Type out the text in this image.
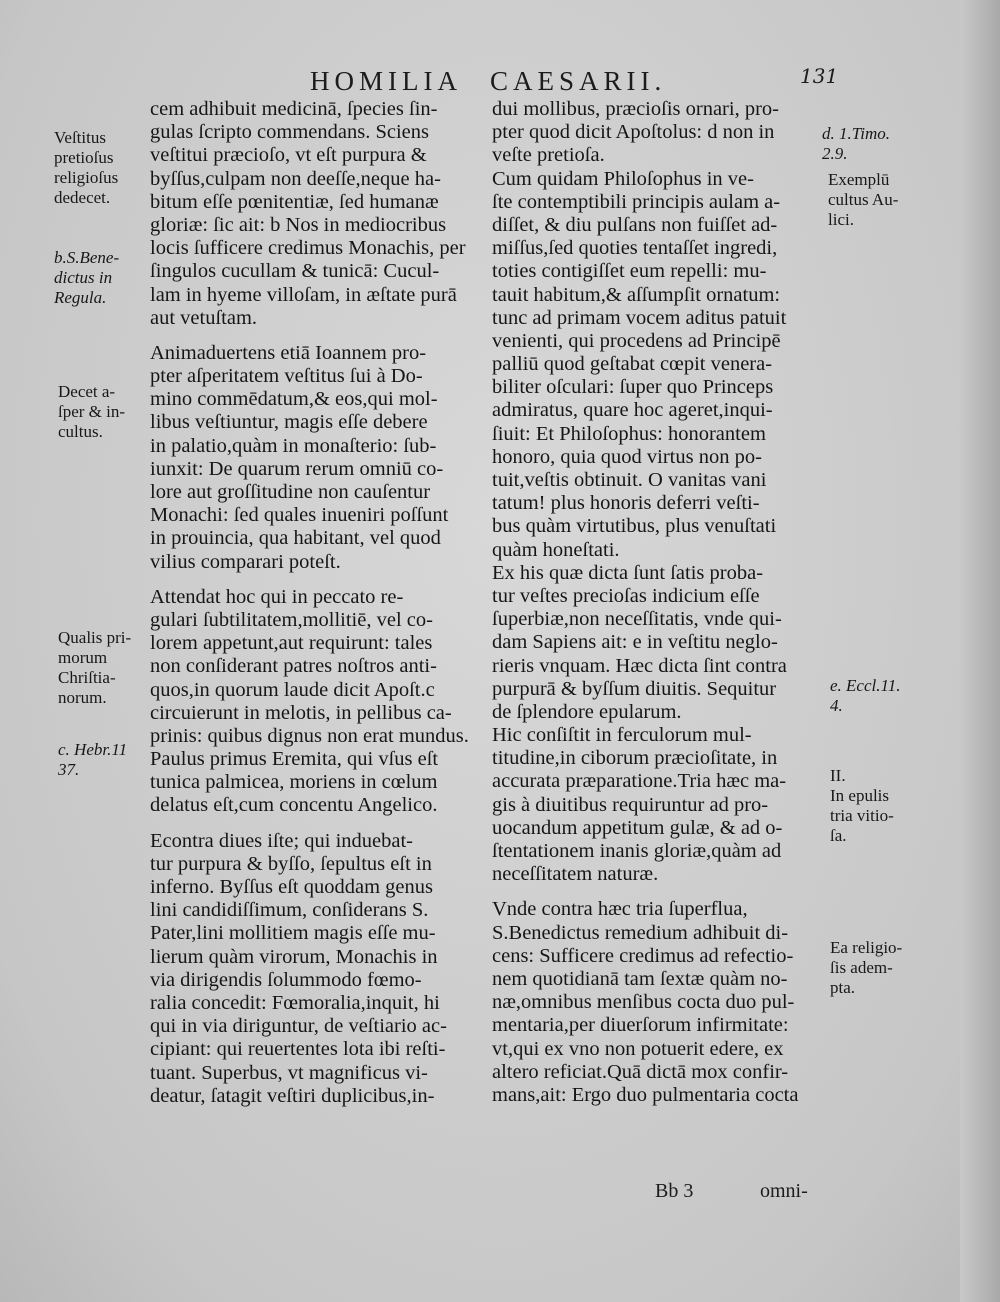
HOMILIA CAESARII.	131
cem adhibuit medicinā, ſpecies ſin-
gulas ſcripto commendans. Sciens
veſtitui præcioſo, vt eſt purpura &
byſſus,culpam non deeſſe,neque ha-
bitum eſſe pœnitentiæ, ſed humanæ
gloriæ: ſic ait: b Nos in mediocribus
locis ſufficere credimus Monachis, per
ſingulos cucullam & tunicā: Cucul-
lam in hyeme villoſam, in æſtate purā
aut vetuſtam.
Animaduertens etiā Ioannem pro-
pter aſperitatem veſtitus ſui à Do-
mino commēdatum,& eos,qui mol-
libus veſtiuntur, magis eſſe debere
in palatio,quàm in monaſterio: ſub-
iunxit: De quarum rerum omniū co-
lore aut groſſitudine non cauſentur
Monachi: ſed quales inueniri poſſunt
in prouincia, qua habitant, vel quod
vilius comparari poteſt.
Attendat hoc qui in peccato re-
gulari ſubtilitatem,mollitiē, vel co-
lorem appetunt,aut requirunt: tales
non conſiderant patres noſtros anti-
quos,in quorum laude dicit Apoſt.c
circuierunt in melotis, in pellibus ca-
prinis: quibus dignus non erat mundus.
Paulus primus Eremita, qui vſus eſt
tunica palmicea, moriens in cœlum
delatus eſt,cum concentu Angelico.
Econtra diues iſte; qui induebat-
tur purpura & byſſo, ſepultus eſt in
inferno. Byſſus eſt quoddam genus
lini candidiſſimum, conſiderans S.
Pater,lini mollitiem magis eſſe mu-
lierum quàm virorum, Monachis in
via dirigendis ſolummodo fœmo-
ralia concedit: Fœmoralia,inquit, hi
qui in via diriguntur, de veſtiario ac-
cipiant: qui reuertentes lota ibi reſti-
tuant. Superbus, vt magnificus vi-
deatur, ſatagit veſtiri duplicibus,in-
dui mollibus, præcioſis ornari, pro-
pter quod dicit Apoſtolus: d non in
veſte pretioſa.
Cum quidam Philoſophus in ve-
ſte contemptibili principis aulam a-
diſſet, & diu pulſans non fuiſſet ad-
miſſus,ſed quoties tentaſſet ingredi,
toties contigiſſet eum repelli: mu-
tauit habitum,& aſſumpſit ornatum:
tunc ad primam vocem aditus patuit
venienti, qui procedens ad Principē
palliū quod geſtabat cœpit venera-
biliter oſculari: ſuper quo Princeps
admiratus, quare hoc ageret,inqui-
ſiuit: Et Philoſophus: honorantem
honoro, quia quod virtus non po-
tuit,veſtis obtinuit. O vanitas vani
tatum! plus honoris deferri veſti-
bus quàm virtutibus, plus venuſtati
quàm honeſtati.
Ex his quæ dicta ſunt ſatis proba-
tur veſtes precioſas indicium eſſe
ſuperbiæ,non neceſſitatis, vnde qui-
dam Sapiens ait: e in veſtitu neglo-
rieris vnquam. Hæc dicta ſint contra
purpurā & byſſum diuitis. Sequitur
de ſplendore epularum.
Hic conſiſtit in ferculorum mul-
titudine,in ciborum præcioſitate, in
accurata præparatione.Tria hæc ma-
gis à diuitibus requiruntur ad pro-
uocandum appetitum gulæ, & ad o-
ſtentationem inanis gloriæ,quàm ad
neceſſitatem naturæ.
Vnde contra hæc tria ſuperflua,
S.Benedictus remedium adhibuit di-
cens: Sufficere credimus ad refectio-
nem quotidianā tam ſextæ quàm no-
næ,omnibus menſibus cocta duo pul-
mentaria,per diuerſorum infirmitate:
vt,qui ex vno non potuerit edere, ex
altero reficiat.Quā dictā mox confir-
mans,ait: Ergo duo pulmentaria cocta
Veſtitus
pretioſus
religioſus
dedecet.
b.S.Bene-
dictus in
Regula.
Decet a-
ſper & in-
cultus.
Qualis pri-
morum
Chriſtia-
norum.
c. Hebr.11
37.
d. 1.Timo.
2.9.
Exemplū
cultus Au-
lici.
e. Eccl.11.
4.
II.
In epulis
tria vitio-
ſa.
Ea religio-
ſis adem-
pta.
Bb 3	omni-
